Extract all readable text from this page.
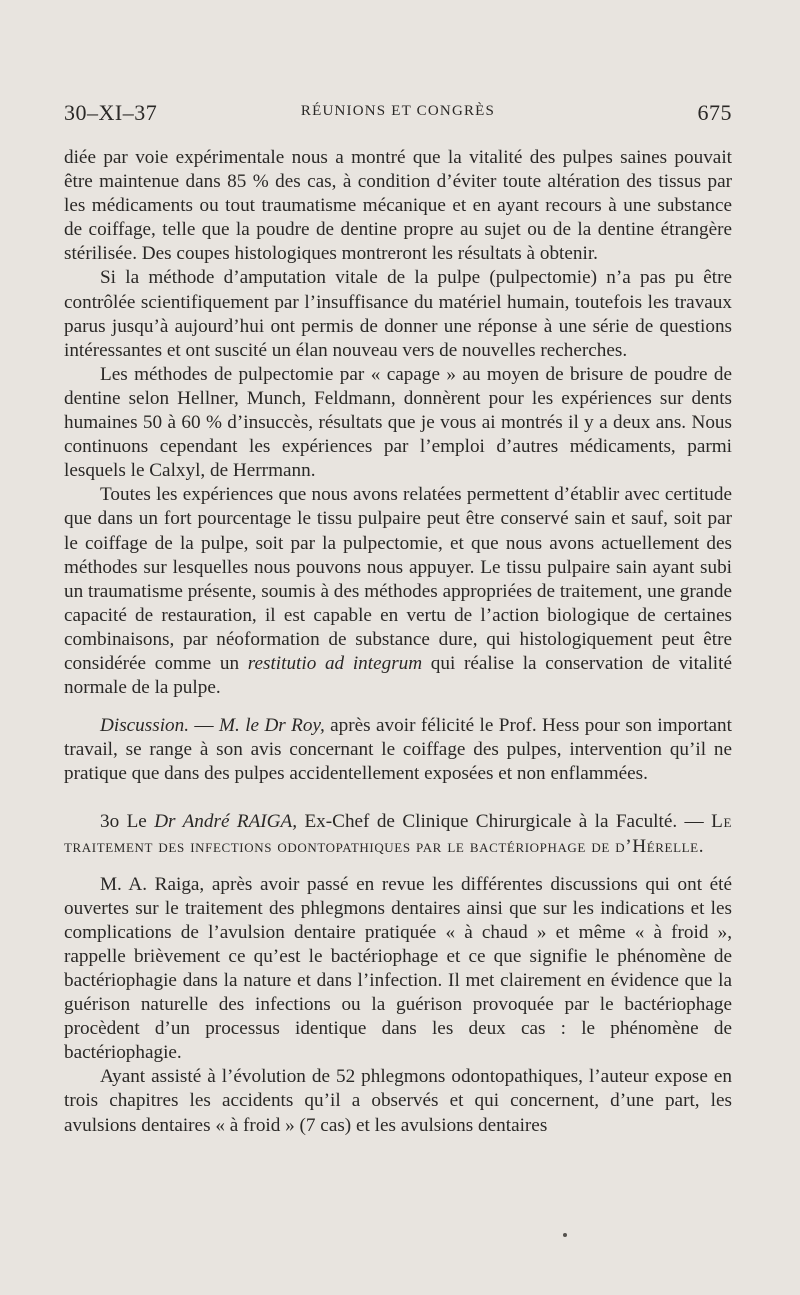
30–XI–37	RÉUNIONS ET CONGRÈS	675

diée par voie expérimentale nous a montré que la vitalité des pulpes saines pouvait être maintenue dans 85 % des cas, à condition d’éviter toute altération des tissus par les médicaments ou tout traumatisme mécanique et en ayant recours à une substance de coiffage, telle que la poudre de dentine propre au sujet ou de la dentine étrangère stérilisée. Des coupes histologiques montreront les résultats à obtenir.

Si la méthode d’amputation vitale de la pulpe (pulpectomie) n’a pas pu être contrôlée scientifiquement par l’insuffisance du matériel humain, toutefois les travaux parus jusqu’à aujourd’hui ont permis de donner une réponse à une série de questions intéressantes et ont suscité un élan nouveau vers de nouvelles recherches.

Les méthodes de pulpectomie par « capage » au moyen de brisure de poudre de dentine selon Hellner, Munch, Feldmann, donnèrent pour les expériences sur dents humaines 50 à 60 % d’insuccès, résultats que je vous ai montrés il y a deux ans. Nous continuons cependant les expériences par l’emploi d’autres médicaments, parmi lesquels le Calxyl, de Herrmann.

Toutes les expériences que nous avons relatées permettent d’établir avec certitude que dans un fort pourcentage le tissu pulpaire peut être conservé sain et sauf, soit par le coiffage de la pulpe, soit par la pulpectomie, et que nous avons actuellement des méthodes sur lesquelles nous pouvons nous appuyer. Le tissu pulpaire sain ayant subi un traumatisme présente, soumis à des méthodes appropriées de traitement, une grande capacité de restauration, il est capable en vertu de l’action biologique de certaines combinaisons, par néoformation de substance dure, qui histologiquement peut être considérée comme un restitutio ad integrum qui réalise la conservation de vitalité normale de la pulpe.

Discussion. — M. le Dr Roy, après avoir félicité le Prof. Hess pour son important travail, se range à son avis concernant le coiffage des pulpes, intervention qu’il ne pratique que dans des pulpes accidentellement exposées et non enflammées.

3o Le Dr André RAIGA, Ex-Chef de Clinique Chirurgicale à la Faculté. — Le traitement des infections odontopathiques par le bactériophage de d’Hérelle.

M. A. Raiga, après avoir passé en revue les différentes discussions qui ont été ouvertes sur le traitement des phlegmons dentaires ainsi que sur les indications et les complications de l’avulsion dentaire pratiquée « à chaud » et même « à froid », rappelle brièvement ce qu’est le bactériophage et ce que signifie le phénomène de bactériophagie dans la nature et dans l’infection. Il met clairement en évidence que la guérison naturelle des infections ou la guérison provoquée par le bactériophage procèdent d’un processus identique dans les deux cas : le phénomène de bactériophagie.

Ayant assisté à l’évolution de 52 phlegmons odontopathiques, l’auteur expose en trois chapitres les accidents qu’il a observés et qui concernent, d’une part, les avulsions dentaires « à froid » (7 cas) et les avulsions dentaires
